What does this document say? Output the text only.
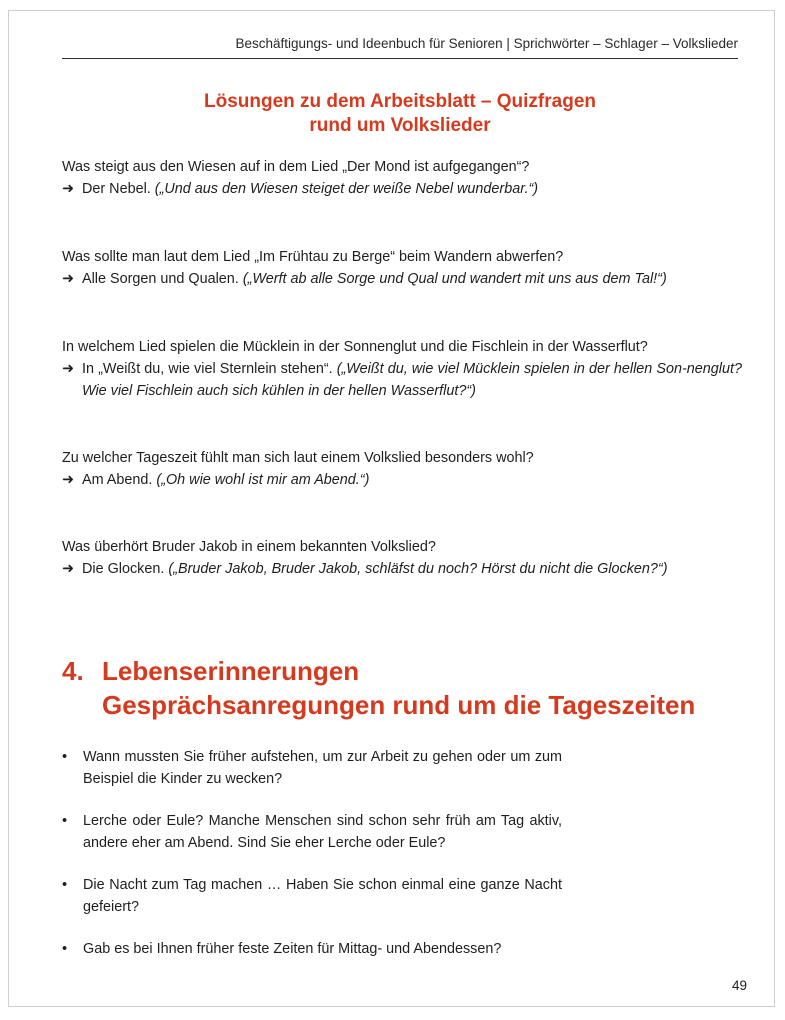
Beschäftigungs- und Ideenbuch für Senioren | Sprichwörter – Schlager – Volkslieder
Lösungen zu dem Arbeitsblatt – Quizfragen
rund um Volkslieder

Was steigt aus den Wiesen auf in dem Lied „Der Mond ist aufgegangen“?

➜ Der Nebel. („Und aus den Wiesen steiget der weiße Nebel wunderbar.“)

Was sollte man laut dem Lied „Im Frühtau zu Berge“ beim Wandern abwerfen?

➜ Alle Sorgen und Qualen. („Werft ab alle Sorge und Qual und wandert mit uns aus dem Tal!“)

In welchem Lied spielen die Mücklein in der Sonnenglut und die Fischlein in der Wasserflut?

➜ In „Weißt du, wie viel Sternlein stehen“. („Weißt du, wie viel Mücklein spielen in der hellen Son-nenglut? Wie viel Fischlein auch sich kühlen in der hellen Wasserflut?“)

Zu welcher Tageszeit fühlt man sich laut einem Volkslied besonders wohl?

➜ Am Abend. („Oh wie wohl ist mir am Abend.“)

Was überhört Bruder Jakob in einem bekannten Volkslied?

➜ Die Glocken. („Bruder Jakob, Bruder Jakob, schläfst du noch? Hörst du nicht die Glocken?“)

4. Lebenserinnerungen
Gesprächsanregungen rund um die Tageszeiten

• Wann mussten Sie früher aufstehen, um zur Arbeit zu gehen oder um zum Beispiel die Kinder zu wecken?

• Lerche oder Eule? Manche Menschen sind schon sehr früh am Tag aktiv, andere eher am Abend. Sind Sie eher Lerche oder Eule?

• Die Nacht zum Tag machen … Haben Sie schon einmal eine ganze Nacht gefeiert?

• Gab es bei Ihnen früher feste Zeiten für Mittag- und Abendessen?

49
